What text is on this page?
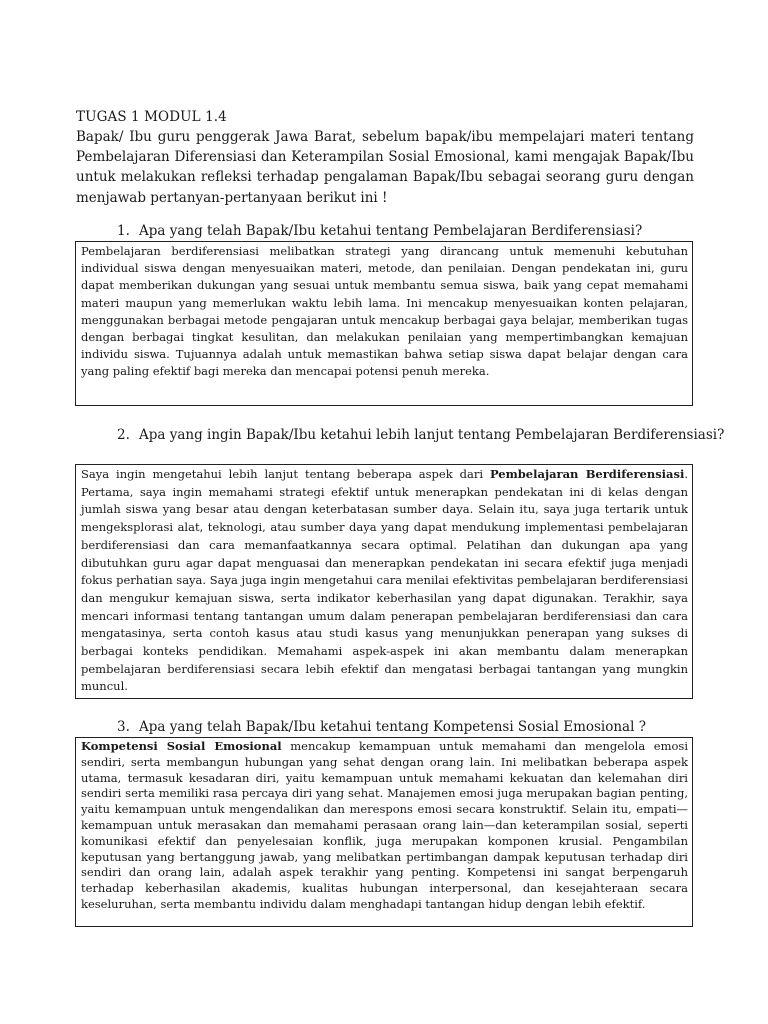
TUGAS 1 MODUL 1.4
Bapak/ Ibu guru penggerak Jawa Barat, sebelum bapak/ibu mempelajari materi tentang Pembelajaran Diferensiasi dan Keterampilan Sosial Emosional, kami mengajak Bapak/Ibu untuk melakukan refleksi terhadap pengalaman Bapak/Ibu sebagai seorang guru dengan menjawab pertanyan-pertanyaan berikut ini !
1. Apa yang telah Bapak/Ibu ketahui tentang Pembelajaran Berdiferensiasi?

Pembelajaran berdiferensiasi melibatkan strategi yang dirancang untuk memenuhi kebutuhan individual siswa dengan menyesuaikan materi, metode, dan penilaian. Dengan pendekatan ini, guru dapat memberikan dukungan yang sesuai untuk membantu semua siswa, baik yang cepat memahami materi maupun yang memerlukan waktu lebih lama. Ini mencakup menyesuaikan konten pelajaran, menggunakan berbagai metode pengajaran untuk mencakup berbagai gaya belajar, memberikan tugas dengan berbagai tingkat kesulitan, dan melakukan penilaian yang mempertimbangkan kemajuan individu siswa. Tujuannya adalah untuk memastikan bahwa setiap siswa dapat belajar dengan cara yang paling efektif bagi mereka dan mencapai potensi penuh mereka.

2. Apa yang ingin Bapak/Ibu ketahui lebih lanjut tentang Pembelajaran Berdiferensiasi?

Saya ingin mengetahui lebih lanjut tentang beberapa aspek dari Pembelajaran Berdiferensiasi. Pertama, saya ingin memahami strategi efektif untuk menerapkan pendekatan ini di kelas dengan jumlah siswa yang besar atau dengan keterbatasan sumber daya. Selain itu, saya juga tertarik untuk mengeksplorasi alat, teknologi, atau sumber daya yang dapat mendukung implementasi pembelajaran berdiferensiasi dan cara memanfaatkannya secara optimal. Pelatihan dan dukungan apa yang dibutuhkan guru agar dapat menguasai dan menerapkan pendekatan ini secara efektif juga menjadi fokus perhatian saya. Saya juga ingin mengetahui cara menilai efektivitas pembelajaran berdiferensiasi dan mengukur kemajuan siswa, serta indikator keberhasilan yang dapat digunakan. Terakhir, saya mencari informasi tentang tantangan umum dalam penerapan pembelajaran berdiferensiasi dan cara mengatasinya, serta contoh kasus atau studi kasus yang menunjukkan penerapan yang sukses di berbagai konteks pendidikan. Memahami aspek-aspek ini akan membantu dalam menerapkan pembelajaran berdiferensiasi secara lebih efektif dan mengatasi berbagai tantangan yang mungkin muncul.

3. Apa yang telah Bapak/Ibu ketahui tentang Kompetensi Sosial Emosional ?

Kompetensi Sosial Emosional mencakup kemampuan untuk memahami dan mengelola emosi sendiri, serta membangun hubungan yang sehat dengan orang lain. Ini melibatkan beberapa aspek utama, termasuk kesadaran diri, yaitu kemampuan untuk memahami kekuatan dan kelemahan diri sendiri serta memiliki rasa percaya diri yang sehat. Manajemen emosi juga merupakan bagian penting, yaitu kemampuan untuk mengendalikan dan merespons emosi secara konstruktif. Selain itu, empati—kemampuan untuk merasakan dan memahami perasaan orang lain—dan keterampilan sosial, seperti komunikasi efektif dan penyelesaian konflik, juga merupakan komponen krusial. Pengambilan keputusan yang bertanggung jawab, yang melibatkan pertimbangan dampak keputusan terhadap diri sendiri dan orang lain, adalah aspek terakhir yang penting. Kompetensi ini sangat berpengaruh terhadap keberhasilan akademis, kualitas hubungan interpersonal, dan kesejahteraan secara keseluruhan, serta membantu individu dalam menghadapi tantangan hidup dengan lebih efektif.
